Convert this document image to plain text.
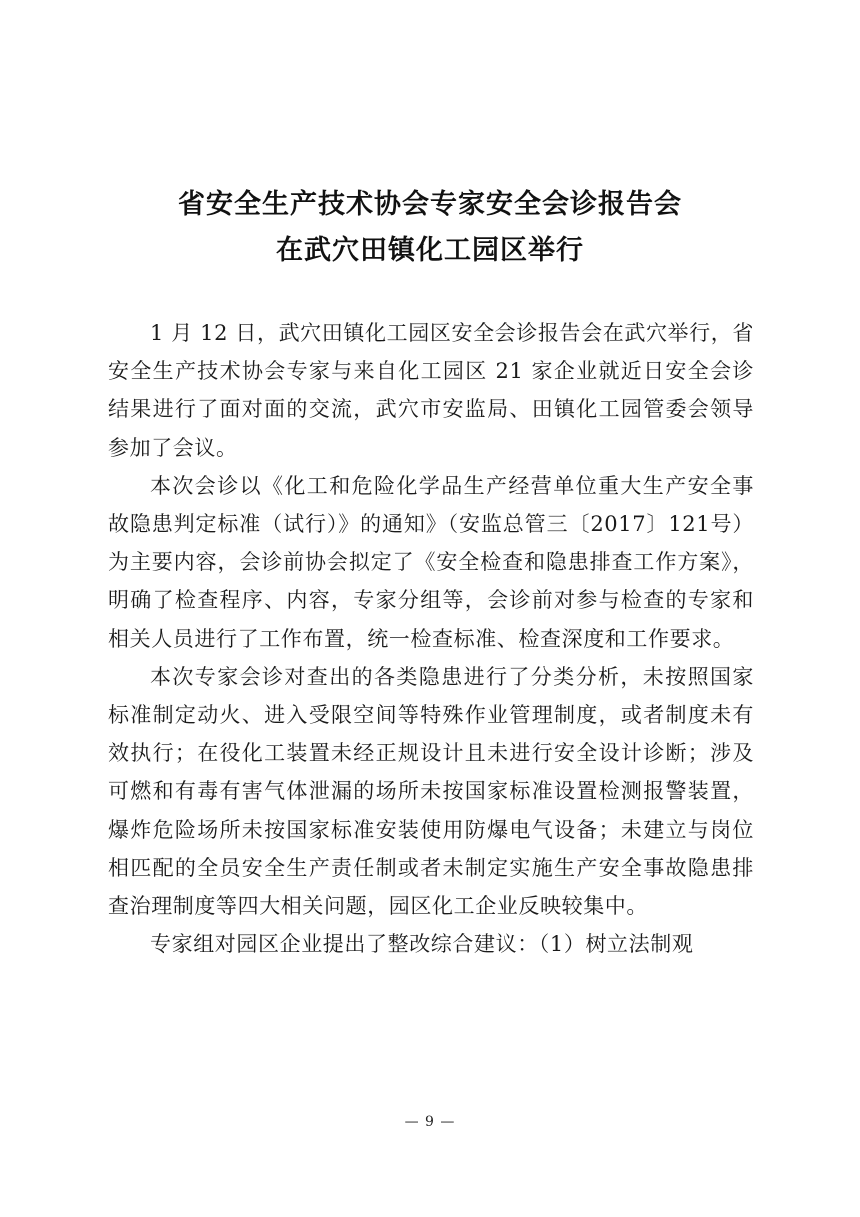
省安全生产技术协会专家安全会诊报告会
在武穴田镇化工园区举行

1 月 12 日，武穴田镇化工园区安全会诊报告会在武穴举行，省安全生产技术协会专家与来自化工园区 21 家企业就近日安全会诊结果进行了面对面的交流，武穴市安监局、田镇化工园管委会领导参加了会议。

本次会诊以《化工和危险化学品生产经营单位重大生产安全事故隐患判定标准（试行）》的通知》（安监总管三〔2017〕121号）为主要内容，会诊前协会拟定了《安全检查和隐患排查工作方案》，明确了检查程序、内容，专家分组等，会诊前对参与检查的专家和相关人员进行了工作布置，统一检查标准、检查深度和工作要求。

本次专家会诊对查出的各类隐患进行了分类分析，未按照国家标准制定动火、进入受限空间等特殊作业管理制度，或者制度未有效执行；在役化工装置未经正规设计且未进行安全设计诊断；涉及可燃和有毒有害气体泄漏的场所未按国家标准设置检测报警装置，爆炸危险场所未按国家标准安装使用防爆电气设备；未建立与岗位相匹配的全员安全生产责任制或者未制定实施生产安全事故隐患排查治理制度等四大相关问题，园区化工企业反映较集中。

专家组对园区企业提出了整改综合建议：（1）树立法制观

— 9 —
